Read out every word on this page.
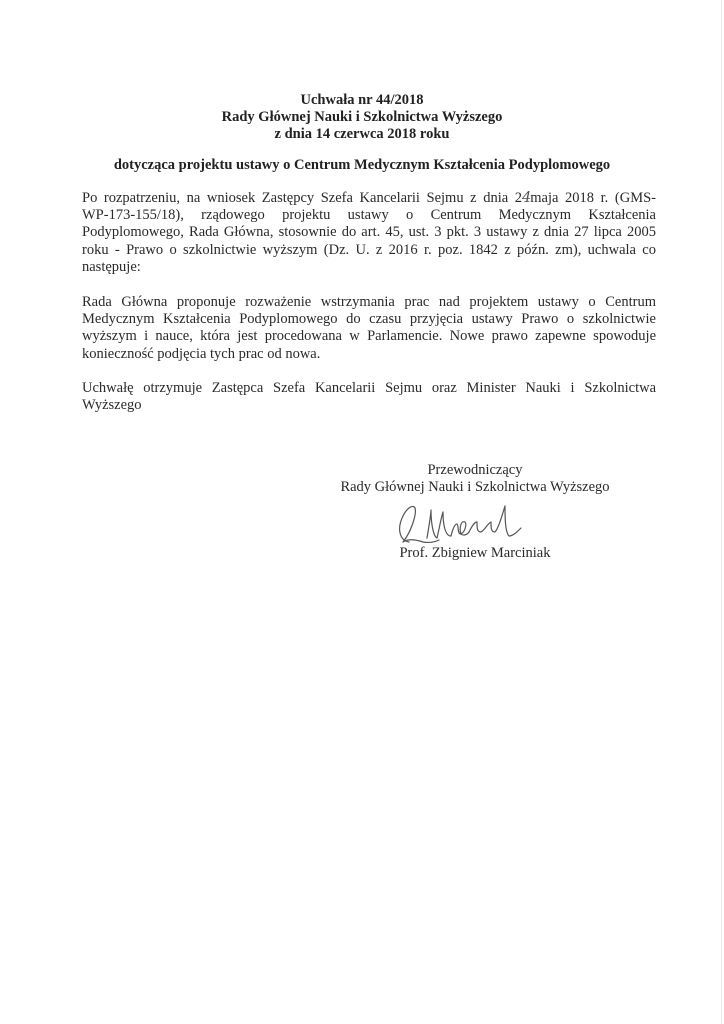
Uchwała nr 44/2018
Rady Głównej Nauki i Szkolnictwa Wyższego
z dnia 14 czerwca 2018 roku
dotycząca projektu ustawy o Centrum Medycznym Kształcenia Podyplomowego
Po rozpatrzeniu, na wniosek Zastępcy Szefa Kancelarii Sejmu z dnia 24maja 2018 r. (GMS-
WP-173-155/18), rządowego projektu ustawy o Centrum Medycznym Kształcenia
Podyplomowego, Rada Główna, stosownie do art. 45, ust. 3 pkt. 3 ustawy z dnia 27 lipca 2005
roku - Prawo o szkolnictwie wyższym (Dz. U. z 2016 r. poz. 1842 z późn. zm), uchwala co
następuje:
Rada Główna proponuje rozważenie wstrzymania prac nad projektem ustawy o Centrum
Medycznym Kształcenia Podyplomowego do czasu przyjęcia ustawy Prawo o szkolnictwie
wyższym i nauce, która jest procedowana w Parlamencie. Nowe prawo zapewne spowoduje
konieczność podjęcia tych prac od nowa.
Uchwałę otrzymuje Zastępca Szefa Kancelarii Sejmu oraz Minister Nauki i Szkolnictwa
Wyższego
Przewodniczący
Rady Głównej Nauki i Szkolnictwa Wyższego
Prof. Zbigniew Marciniak
